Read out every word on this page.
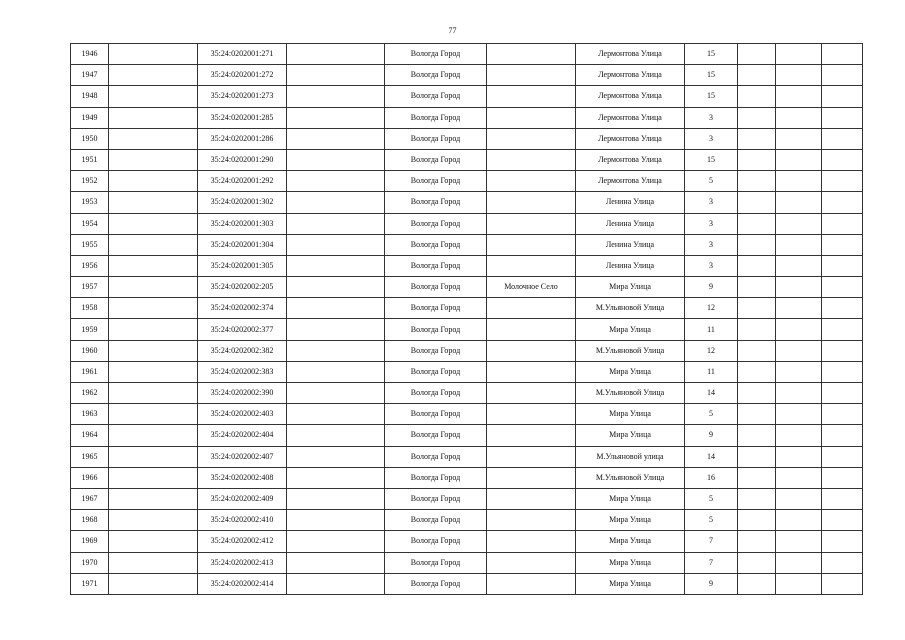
77
1946		35:24:0202001:271		Вологда Город		Лермонтова Улица	15			
1947		35:24:0202001:272		Вологда Город		Лермонтова Улица	15			
1948		35:24:0202001:273		Вологда Город		Лермонтова Улица	15			
1949		35:24:0202001:285		Вологда Город		Лермонтова Улица	3			
1950		35:24:0202001:286		Вологда Город		Лермонтова Улица	3			
1951		35:24:0202001:290		Вологда Город		Лермонтова Улица	15			
1952		35:24:0202001:292		Вологда Город		Лермонтова Улица	5			
1953		35:24:0202001:302		Вологда Город		Ленина Улица	3			
1954		35:24:0202001:303		Вологда Город		Ленина Улица	3			
1955		35:24:0202001:304		Вологда Город		Ленина Улица	3			
1956		35:24:0202001:305		Вологда Город		Ленина Улица	3			
1957		35:24:0202002:205		Вологда Город	Молочное Село	Мира Улица	9			
1958		35:24:0202002:374		Вологда Город		М.Ульяновой Улица	12			
1959		35:24:0202002:377		Вологда Город		Мира Улица	11			
1960		35:24:0202002:382		Вологда Город		М.Ульяновой Улица	12			
1961		35:24:0202002:383		Вологда Город		Мира Улица	11			
1962		35:24:0202002:390		Вологда Город		М.Ульяновой Улица	14			
1963		35:24:0202002:403		Вологда Город		Мира Улица	5			
1964		35:24:0202002:404		Вологда Город		Мира Улица	9			
1965		35:24:0202002:407		Вологда Город		М.Ульяновой улица	14			
1966		35:24:0202002:408		Вологда Город		М.Ульяновой Улица	16			
1967		35:24:0202002:409		Вологда Город		Мира Улица	5			
1968		35:24:0202002:410		Вологда Город		Мира Улица	5			
1969		35:24:0202002:412		Вологда Город		Мира Улица	7			
1970		35:24:0202002:413		Вологда Город		Мира Улица	7			
1971		35:24:0202002:414		Вологда Город		Мира Улица	9			
